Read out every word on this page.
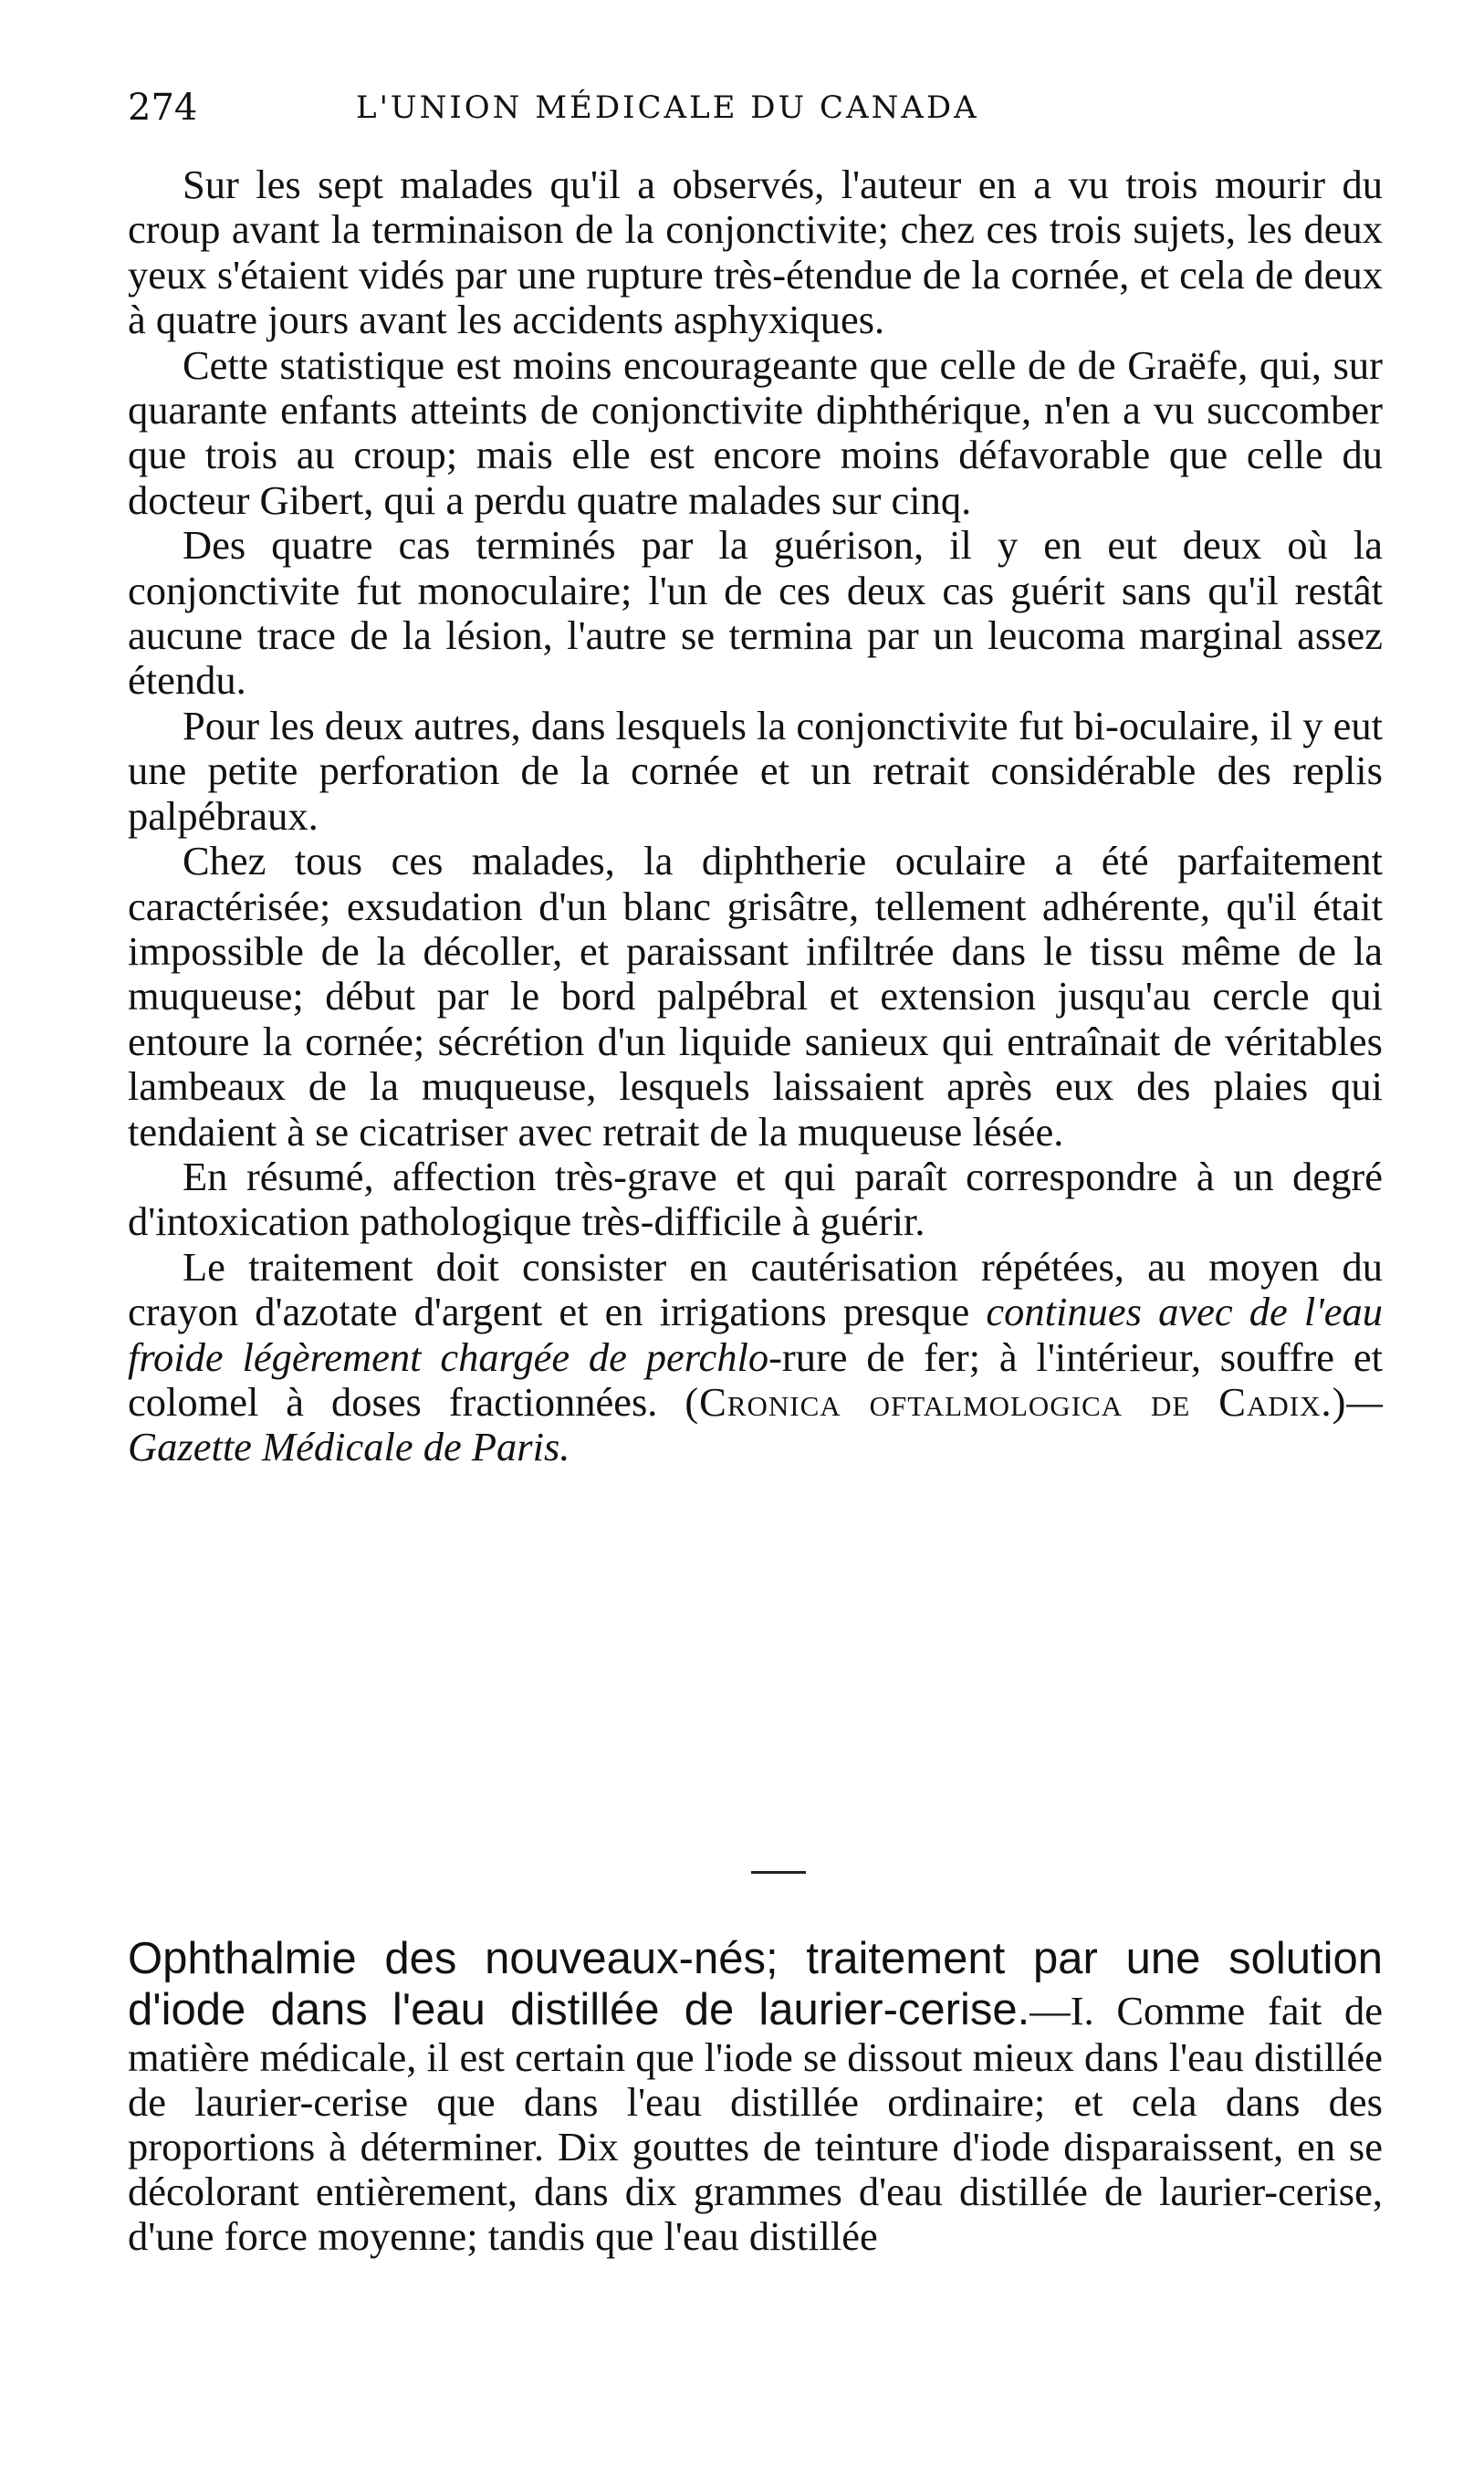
274	L'UNION MÉDICALE DU CANADA

Sur les sept malades qu'il a observés, l'auteur en a vu trois mourir du croup avant la terminaison de la conjonctivite; chez ces trois sujets, les deux yeux s'étaient vidés par une rupture très-étendue de la cornée, et cela de deux à quatre jours avant les accidents asphyxiques.

Cette statistique est moins encourageante que celle de de Graëfe, qui, sur quarante enfants atteints de conjonctivite diphthérique, n'en a vu succomber que trois au croup; mais elle est encore moins défavorable que celle du docteur Gibert, qui a perdu quatre malades sur cinq.

Des quatre cas terminés par la guérison, il y en eut deux où la conjonctivite fut monoculaire; l'un de ces deux cas guérit sans qu'il restât aucune trace de la lésion, l'autre se termina par un leucoma marginal assez étendu.

Pour les deux autres, dans lesquels la conjonctivite fut bi-oculaire, il y eut une petite perforation de la cornée et un retrait considérable des replis palpébraux.

Chez tous ces malades, la diphtherie oculaire a été parfaitement caractérisée; exsudation d'un blanc grisâtre, tellement adhérente, qu'il était impossible de la décoller, et paraissant infiltrée dans le tissu même de la muqueuse; début par le bord palpébral et extension jusqu'au cercle qui entoure la cornée; sécrétion d'un liquide sanieux qui entraînait de véritables lambeaux de la muqueuse, lesquels laissaient après eux des plaies qui tendaient à se cicatriser avec retrait de la muqueuse lésée.

En résumé, affection très-grave et qui paraît correspondre à un degré d'intoxication pathologique très-difficile à guérir.

Le traitement doit consister en cautérisation répétées, au moyen du crayon d'azotate d'argent et en irrigations presque continues avec de l'eau froide légèrement chargée de perchlo-rure de fer; à l'intérieur, souffre et colomel à doses fractionnées. (Cronica oftalmologica de Cadix.)—Gazette Médicale de Paris.

Ophthalmie des nouveaux-nés; traitement par une solution d'iode dans l'eau distillée de laurier-cerise.—I. Comme fait de matière médicale, il est certain que l'iode se dissout mieux dans l'eau distillée de laurier-cerise que dans l'eau distillée ordinaire; et cela dans des proportions à déterminer. Dix gouttes de teinture d'iode disparaissent, en se décolorant entièrement, dans dix grammes d'eau distillée de laurier-cerise, d'une force moyenne; tandis que l'eau distillée
